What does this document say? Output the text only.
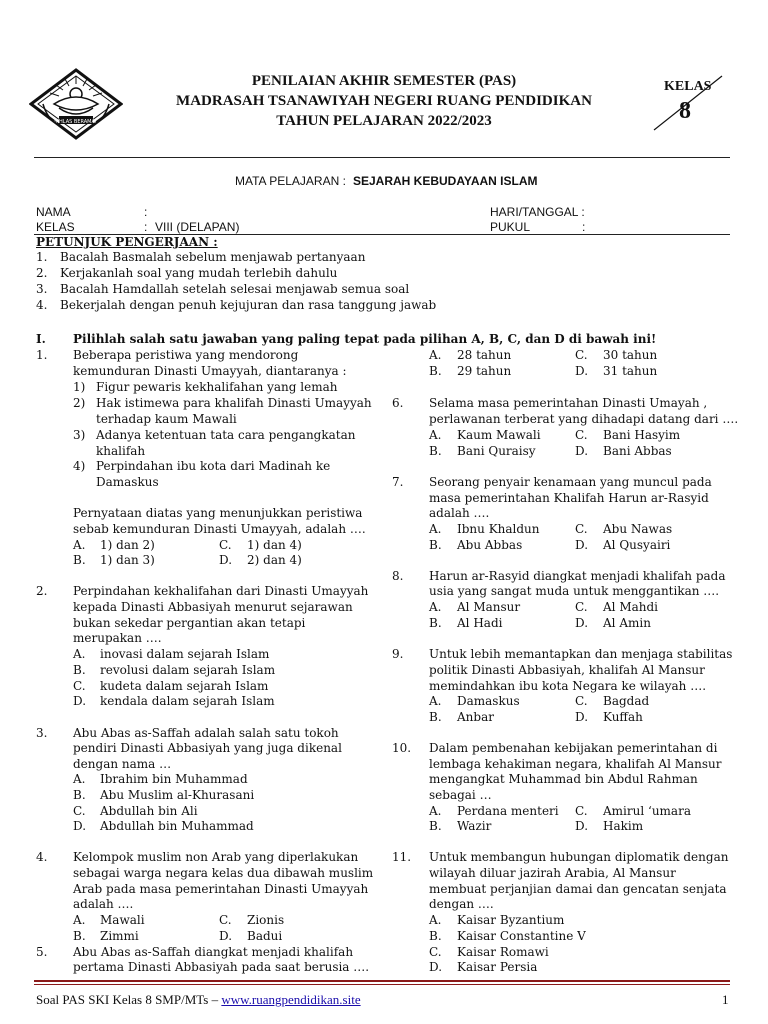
IKHLAS BERAMAL
PENILAIAN AKHIR SEMESTER (PAS)
MADRASAH TSANAWIYAH NEGERI RUANG PENDIDIKAN
TAHUN PELAJARAN 2022/2023
KELAS
8
MATA PELAJARAN : SEJARAH KEBUDAYAAN ISLAM
NAMA	:
KELAS	: VIII (DELAPAN)
HARI/TANGGAL :
PUKUL	:
PETUNJUK PENGERJAAN :
1. Bacalah Basmalah sebelum menjawab pertanyaan
2. Kerjakanlah soal yang mudah terlebih dahulu
3. Bacalah Hamdallah setelah selesai menjawab semua soal
4. Bekerjalah dengan penuh kejujuran dan rasa tanggung jawab
I. Pilihlah salah satu jawaban yang paling tepat pada pilihan A, B, C, dan D di bawah ini!
1. Beberapa peristiwa yang mendorong
kemunduran Dinasti Umayyah, diantaranya :
1) Figur pewaris kekhalifahan yang lemah
2) Hak istimewa para khalifah Dinasti Umayyah
terhadap kaum Mawali
3) Adanya ketentuan tata cara pengangkatan
khalifah
4) Perpindahan ibu kota dari Madinah ke
Damaskus
Pernyataan diatas yang menunjukkan peristiwa
sebab kemunduran Dinasti Umayyah, adalah ….
A. 1) dan 2)	C. 1) dan 4)
B. 1) dan 3)	D. 2) dan 4)
2. Perpindahan kekhalifahan dari Dinasti Umayyah
kepada Dinasti Abbasiyah menurut sejarawan
bukan sekedar pergantian akan tetapi
merupakan ….
A. inovasi dalam sejarah Islam
B. revolusi dalam sejarah Islam
C. kudeta dalam sejarah Islam
D. kendala dalam sejarah Islam
3. Abu Abas as-Saffah adalah salah satu tokoh
pendiri Dinasti Abbasiyah yang juga dikenal
dengan nama …
A. Ibrahim bin Muhammad
B. Abu Muslim al-Khurasani
C. Abdullah bin Ali
D. Abdullah bin Muhammad
4. Kelompok muslim non Arab yang diperlakukan
sebagai warga negara kelas dua dibawah muslim
Arab pada masa pemerintahan Dinasti Umayyah
adalah ….
A. Mawali	C. Zionis
B. Zimmi	D. Badui
5. Abu Abas as-Saffah diangkat menjadi khalifah
pertama Dinasti Abbasiyah pada saat berusia ….
A. 28 tahun	C. 30 tahun
B. 29 tahun	D. 31 tahun
6. Selama masa pemerintahan Dinasti Umayah ,
perlawanan terberat yang dihadapi datang dari ….
A. Kaum Mawali	C. Bani Hasyim
B. Bani Quraisy	D. Bani Abbas
7. Seorang penyair kenamaan yang muncul pada
masa pemerintahan Khalifah Harun ar-Rasyid
adalah ….
A. Ibnu Khaldun	C. Abu Nawas
B. Abu Abbas	D. Al Qusyairi
8. Harun ar-Rasyid diangkat menjadi khalifah pada
usia yang sangat muda untuk menggantikan ….
A. Al Mansur	C. Al Mahdi
B. Al Hadi	D. Al Amin
9. Untuk lebih memantapkan dan menjaga stabilitas
politik Dinasti Abbasiyah, khalifah Al Mansur
memindahkan ibu kota Negara ke wilayah ….
A. Damaskus	C. Bagdad
B. Anbar	D. Kuffah
10. Dalam pembenahan kebijakan pemerintahan di
lembaga kehakiman negara, khalifah Al Mansur
mengangkat Muhammad bin Abdul Rahman
sebagai …
A. Perdana menteri C. Amirul ‘umara
B. Wazir	D. Hakim
11. Untuk membangun hubungan diplomatik dengan
wilayah diluar jazirah Arabia, Al Mansur
membuat perjanjian damai dan gencatan senjata
dengan ….
A. Kaisar Byzantium
B. Kaisar Constantine V
C. Kaisar Romawi
D. Kaisar Persia
Soal PAS SKI Kelas 8 SMP/MTs – www.ruangpendidikan.site	1
